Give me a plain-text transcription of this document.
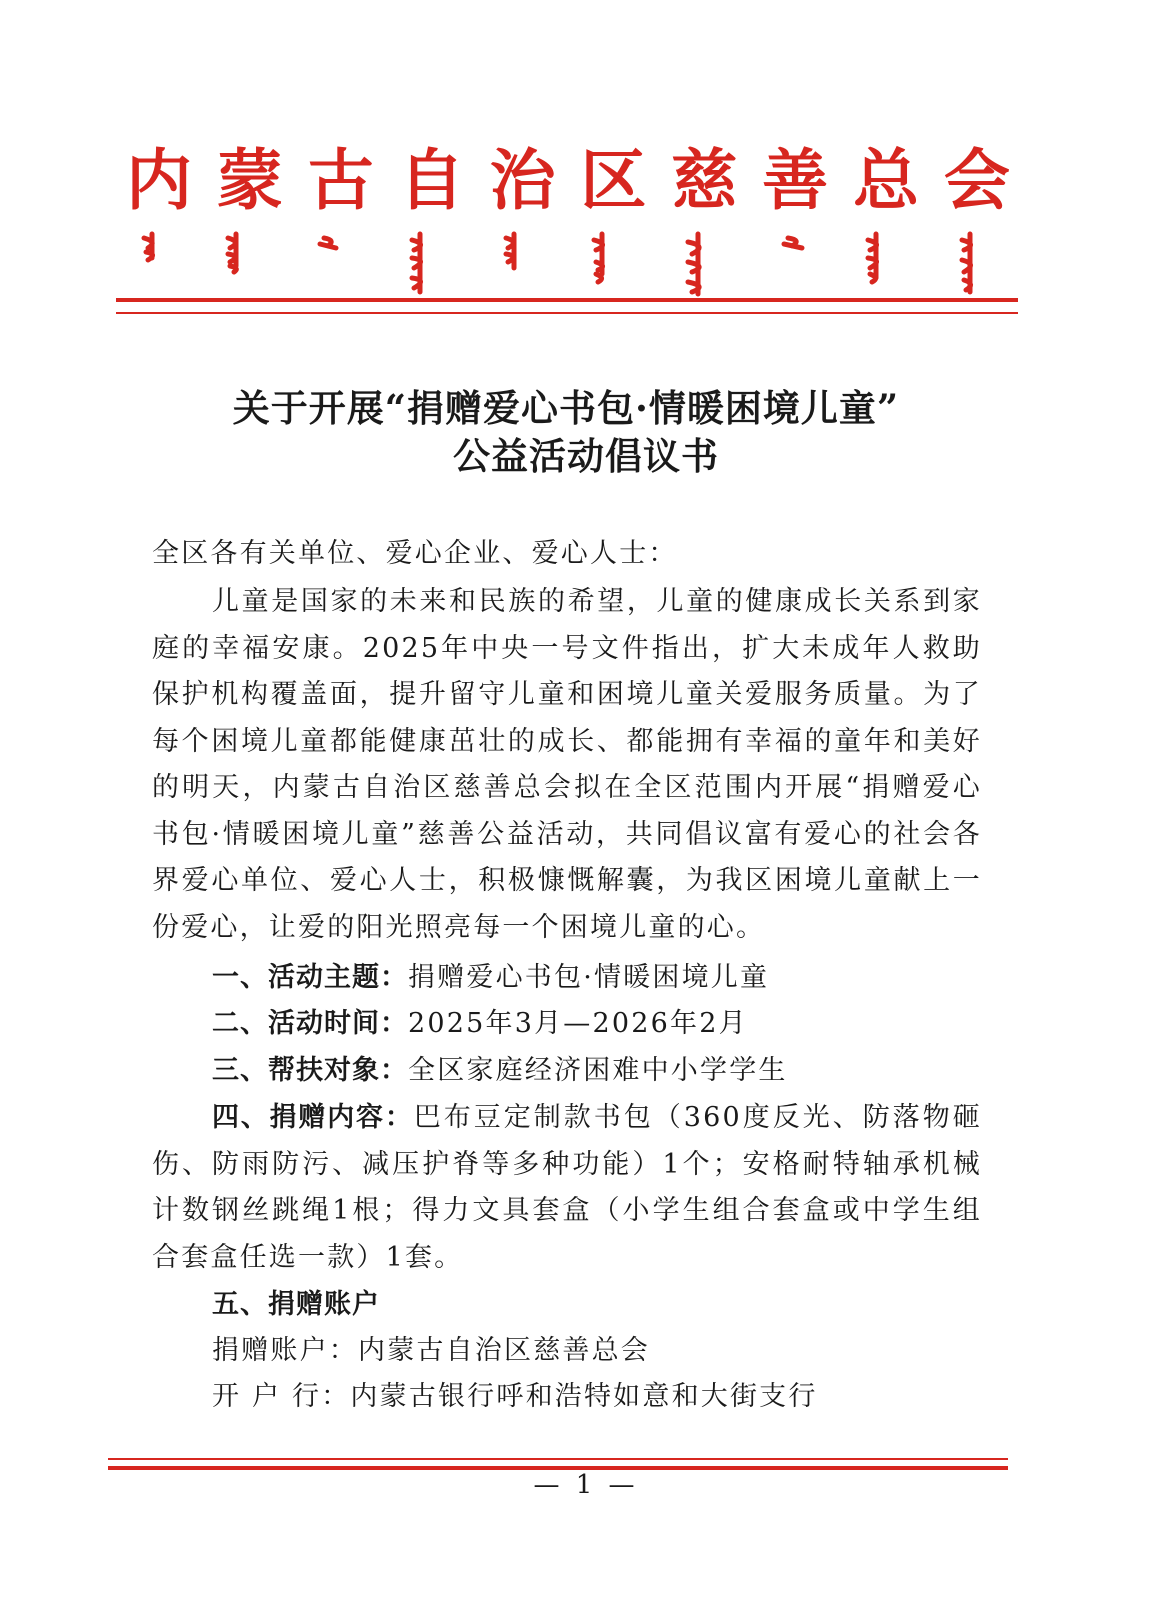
内 蒙 古 自 治 区 慈 善 总 会
关于开展“捐赠爱心书包·情暖困境儿童”
公益活动倡议书
全区各有关单位、爱心企业、爱心人士：
儿童是国家的未来和民族的希望，儿童的健康成长关系到家庭的幸福安康。2025年中央一号文件指出，扩大未成年人救助保护机构覆盖面，提升留守儿童和困境儿童关爱服务质量。为了每个困境儿童都能健康茁壮的成长、都能拥有幸福的童年和美好的明天，内蒙古自治区慈善总会拟在全区范围内开展“捐赠爱心书包·情暖困境儿童”慈善公益活动，共同倡议富有爱心的社会各界爱心单位、爱心人士，积极慷慨解囊，为我区困境儿童献上一份爱心，让爱的阳光照亮每一个困境儿童的心。
一、活动主题：捐赠爱心书包·情暖困境儿童
二、活动时间：2025年3月—2026年2月
三、帮扶对象：全区家庭经济困难中小学学生
四、捐赠内容：巴布豆定制款书包（360度反光、防落物砸伤、防雨防污、减压护脊等多种功能）1个；安格耐特轴承机械计数钢丝跳绳1根；得力文具套盒（小学生组合套盒或中学生组合套盒任选一款）1套。
五、捐赠账户
捐赠账户：内蒙古自治区慈善总会
开 户 行：内蒙古银行呼和浩特如意和大街支行
— 1 —
